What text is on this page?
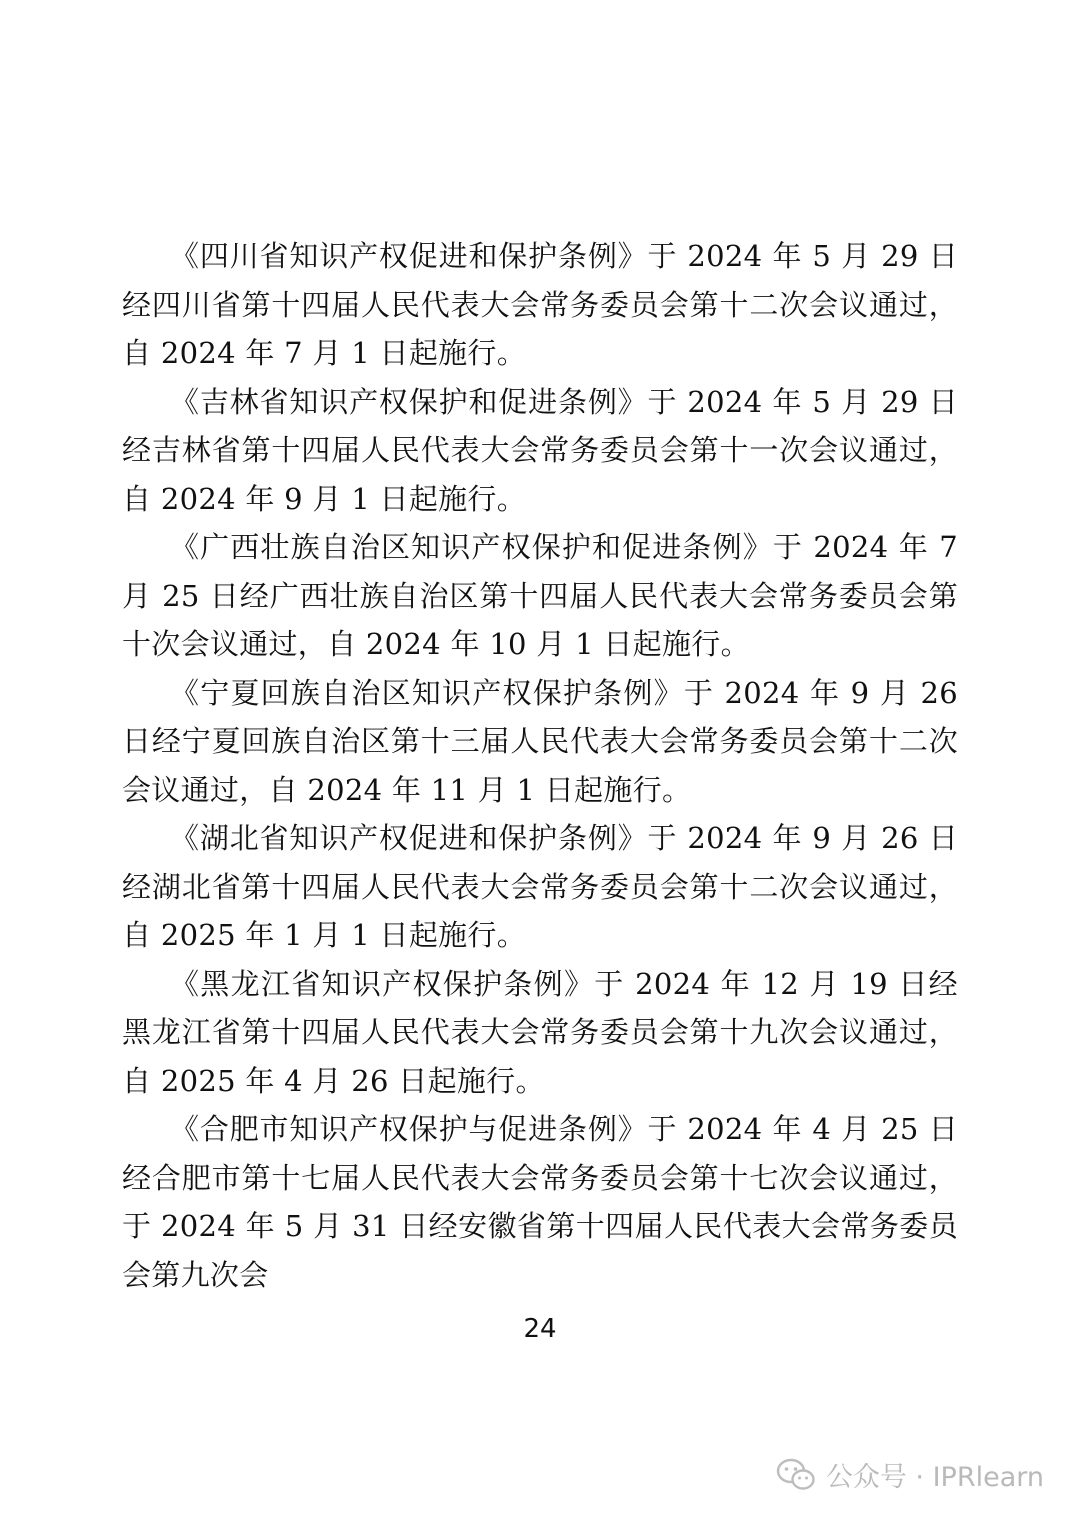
《四川省知识产权促进和保护条例》于 2024 年 5 月 29 日经四川省第十四届人民代表大会常务委员会第十二次会议通过，自 2024 年 7 月 1 日起施行。

《吉林省知识产权保护和促进条例》于 2024 年 5 月 29 日经吉林省第十四届人民代表大会常务委员会第十一次会议通过，自 2024 年 9 月 1 日起施行。

《广西壮族自治区知识产权保护和促进条例》于 2024 年 7 月 25 日经广西壮族自治区第十四届人民代表大会常务委员会第十次会议通过，自 2024 年 10 月 1 日起施行。

《宁夏回族自治区知识产权保护条例》于 2024 年 9 月 26 日经宁夏回族自治区第十三届人民代表大会常务委员会第十二次会议通过，自 2024 年 11 月 1 日起施行。

《湖北省知识产权促进和保护条例》于 2024 年 9 月 26 日经湖北省第十四届人民代表大会常务委员会第十二次会议通过，自 2025 年 1 月 1 日起施行。

《黑龙江省知识产权保护条例》于 2024 年 12 月 19 日经黑龙江省第十四届人民代表大会常务委员会第十九次会议通过，自 2025 年 4 月 26 日起施行。

《合肥市知识产权保护与促进条例》于 2024 年 4 月 25 日经合肥市第十七届人民代表大会常务委员会第十七次会议通过，于 2024 年 5 月 31 日经安徽省第十四届人民代表大会常务委员会第九次会

24
公众号 · IPRlearn
